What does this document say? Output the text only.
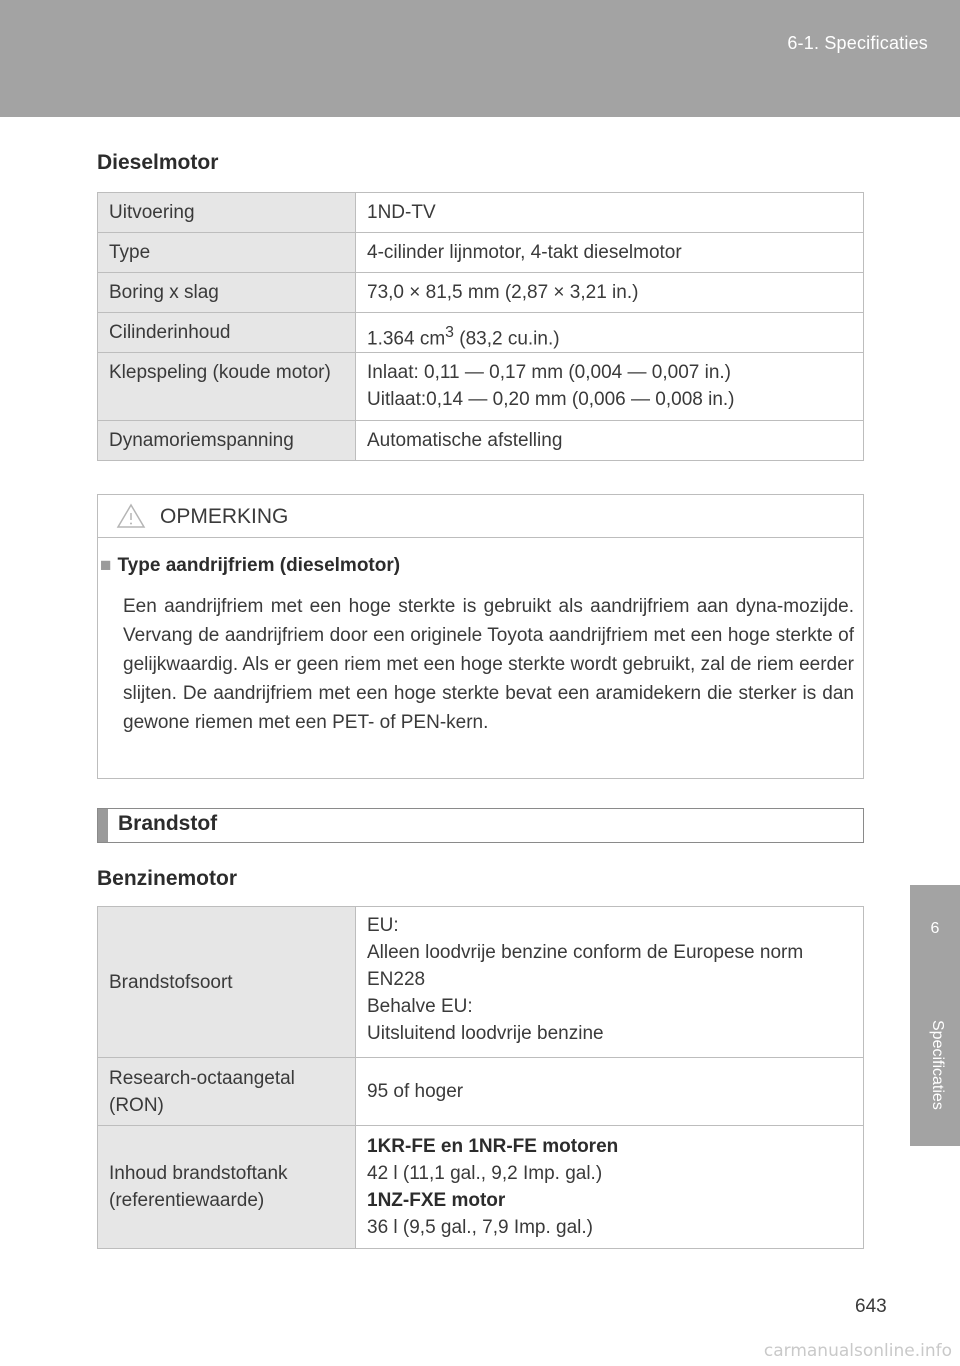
6-1. Specificaties
6
Specificaties
Dieselmotor
Uitvoering	1ND-TV
Type	4-cilinder lijnmotor, 4-takt dieselmotor
Boring x slag	73,0 × 81,5 mm (2,87 × 3,21 in.)
Cilinderinhoud	1.364 $cm^3$ (83,2 cu.in.)
Klepspeling (koude motor)	Inlaat: 0,11 — 0,17 mm (0,004 — 0,007 in.)
Uitlaat:0,14 — 0,20 mm (0,006 — 0,008 in.)

Dynamoriemspanning	Automatische afstelling
OPMERKING
■ Type aandrijfriem (dieselmotor)
Een aandrijfriem met een hoge sterkte is gebruikt als aandrijfriem aan dyna-mozijde. Vervang de aandrijfriem door een originele Toyota aandrijfriem met een hoge sterkte of gelijkwaardig. Als er geen riem met een hoge sterkte wordt gebruikt, zal de riem eerder slijten. De aandrijfriem met een hoge sterkte bevat een aramidekern die sterker is dan gewone riemen met een PET- of PEN-kern.
Brandstof
Benzinemotor
Brandstofsoort	EU:
Alleen loodvrije benzine conform de Europese norm EN228
Behalve EU:
Uitsluitend loodvrije benzine

Research-octaangetal (RON)	95 of hoger
Inhoud brandstoftank (referentiewaarde)	1KR-FE en 1NR-FE motoren
42 l (11,1 gal., 9,2 Imp. gal.)
1NZ-FXE motor
36 l (9,5 gal., 7,9 Imp. gal.)
643
carmanualsonline.info
